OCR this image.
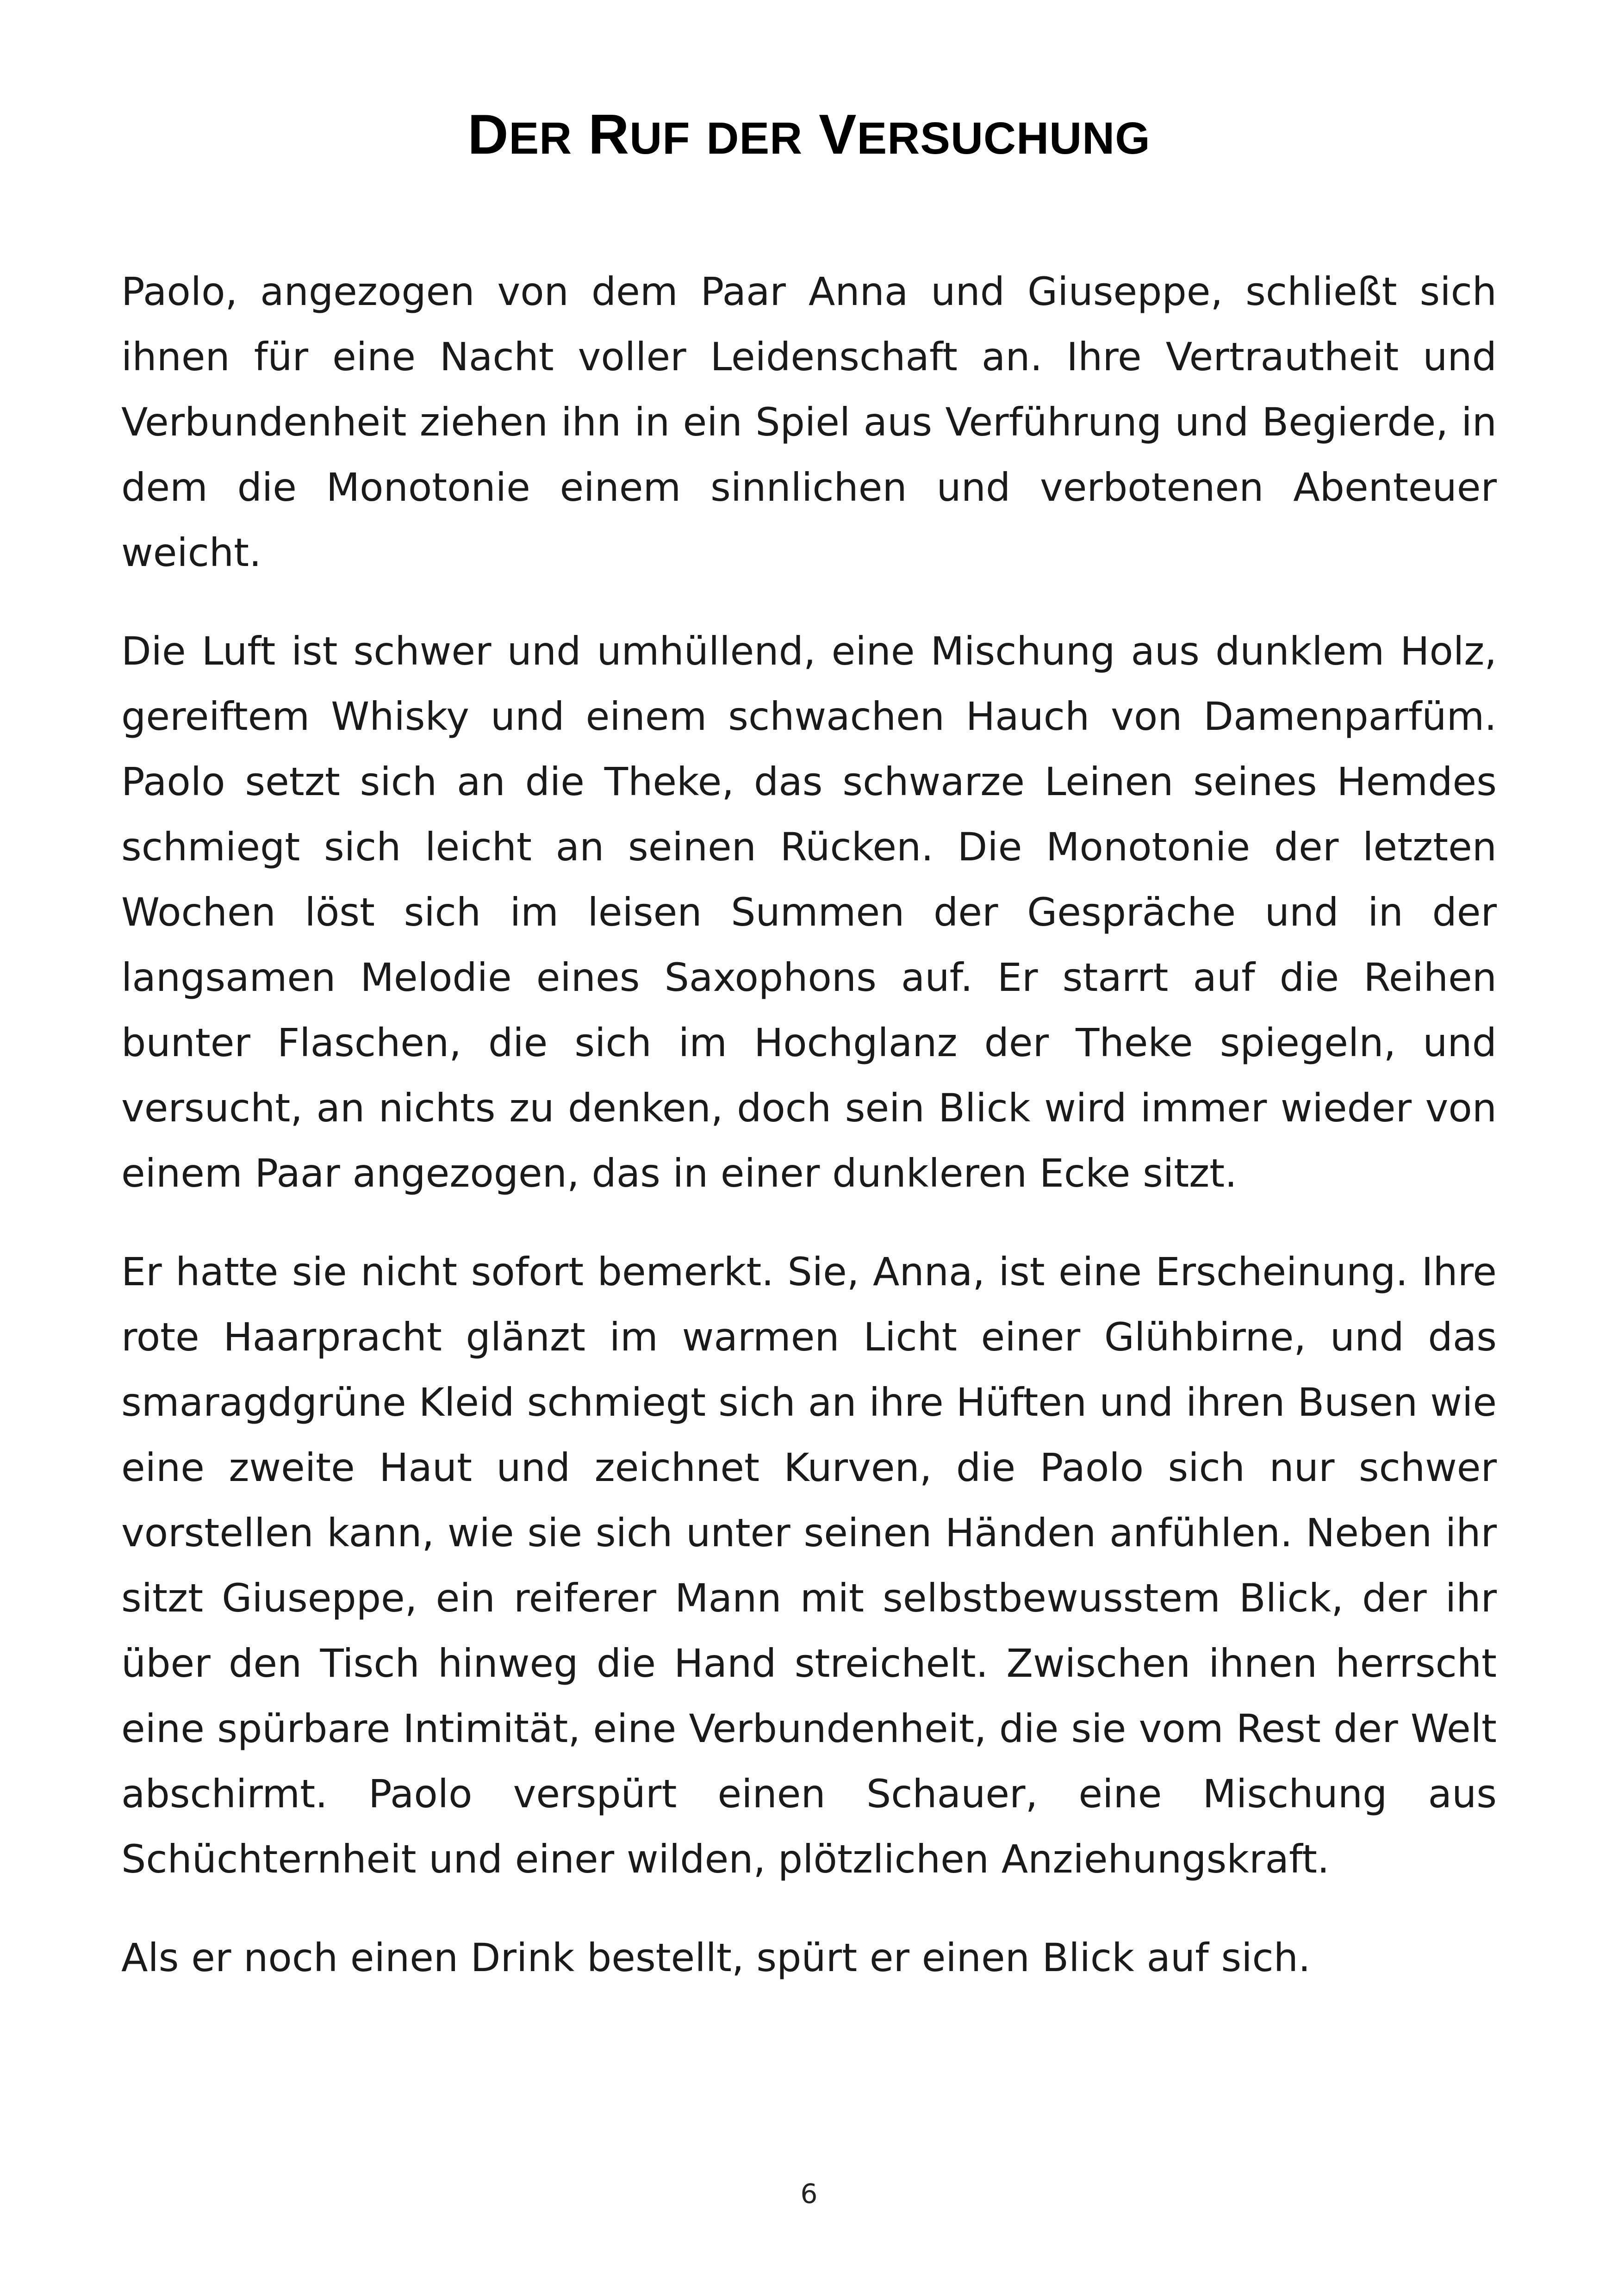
DER RUF DER VERSUCHUNG

Paolo, angezogen von dem Paar Anna und Giuseppe, schließt sich ihnen für eine Nacht voller Leidenschaft an. Ihre Vertrautheit und Verbundenheit ziehen ihn in ein Spiel aus Verführung und Begierde, in dem die Monotonie einem sinnlichen und verbotenen Abenteuer weicht.

Die Luft ist schwer und umhüllend, eine Mischung aus dunklem Holz, gereiftem Whisky und einem schwachen Hauch von Damenparfüm. Paolo setzt sich an die Theke, das schwarze Leinen seines Hemdes schmiegt sich leicht an seinen Rücken. Die Monotonie der letzten Wochen löst sich im leisen Summen der Gespräche und in der langsamen Melodie eines Saxophons auf. Er starrt auf die Reihen bunter Flaschen, die sich im Hochglanz der Theke spiegeln, und versucht, an nichts zu denken, doch sein Blick wird immer wieder von einem Paar angezogen, das in einer dunkleren Ecke sitzt.

Er hatte sie nicht sofort bemerkt. Sie, Anna, ist eine Erscheinung. Ihre rote Haarpracht glänzt im warmen Licht einer Glühbirne, und das smaragdgrüne Kleid schmiegt sich an ihre Hüften und ihren Busen wie eine zweite Haut und zeichnet Kurven, die Paolo sich nur schwer vorstellen kann, wie sie sich unter seinen Händen anfühlen. Neben ihr sitzt Giuseppe, ein reiferer Mann mit selbstbewusstem Blick, der ihr über den Tisch hinweg die Hand streichelt. Zwischen ihnen herrscht eine spürbare Intimität, eine Verbundenheit, die sie vom Rest der Welt abschirmt. Paolo verspürt einen Schauer, eine Mischung aus Schüchternheit und einer wilden, plötzlichen Anziehungskraft.

Als er noch einen Drink bestellt, spürt er einen Blick auf sich.

6
